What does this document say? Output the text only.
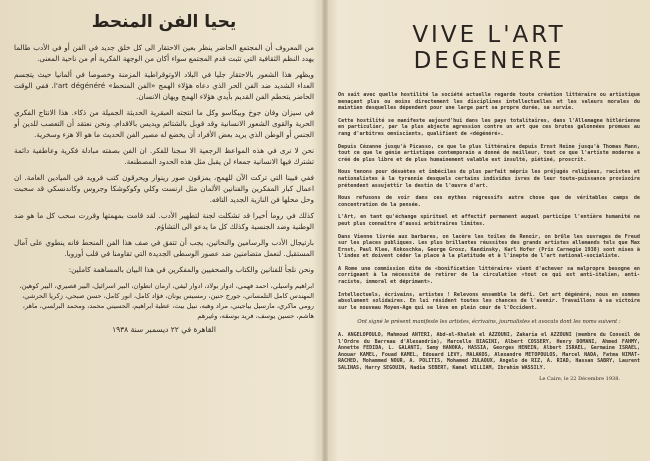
يحيا الفن المنحط

من المعروف أن المجتمع الحاضر ينظر بعين الاحتقار الى كل خلق جديد في الفن أو في الأدب طالما يهدد النظم الثقافية التي تثبت قدم المجتمع سواء أكان من الوجهة الفكرية أم من ناحية المعنى.

ويظهر هذا الشعور بالاحتقار جليا في البلاد الاوتوقراطية المزمنة وخصوصا في ألمانيا حيث يتجسم العداء الشديد ضد الفن الحر الذي دعاه هؤلاء الهمج «الفن المنحط» l'art dégénéré. ففي الوقت الحاضر يتحطم الفن القديم بأيدي هؤلاء الهمج ويهان الانسان.

في سيزان وفان جوخ وبيكاسو وكل ما انتجته العبقرية الحديثة الجميلة من ذكاء. هذا الانتاج الفكري الحرية والقوى الشعور الانسانية وقد قوبل بالشتائم ويديس بالاقدام. ونحن نعتقد أن التعصب للدين أو الجنس أو الوطن الذي يريد بعض الأفراد أن يخضع له مصير الفن الحديث ما هو الا هزء وسخرية.

نحن لا نرى في هذه المواعظ الرجعية الا سجنا للفكر. ان الفن بصفته مبادلة فكرية وعاطفية دائمة تشترك فيها الانسانية جمعاء لن يقبل مثل هذه الحدود المصطنعة.

ففي فيينا التي تركت الآن للهمج، يمزقون صور رينوار ويحرقون كتب فرويد في الميادين العامة. ان اعمال كبار المفكرين والفنانين الألمان مثل ارنست وكلي وكوكوشكا وجروس وكاندنسكي قد سحبت وحل محلها فن النازية الجديد التافه.

كذلك في روما أخيرا قد تشكلت لجنة لتطهير الأدب. لقد قامت بمهمتها وقررت سحب كل ما هو ضد الوطنية وضد الجنسية وكذلك كل ما يدعو الى التشاؤم.

بارتيجال الأدب والرسامين والنحاتين، يجب أن تتفق في صف هذا الفن المنحط فانه ينطوي على آمال المستقبل. لنعمل متضامنين ضد عصور الوسطى الجديدة التي تقاومنا في قلب أوروبا.

ونحن نلجأ للفنانين والكتاب والصحفيين والمفكرين في هذا البيان بالمساهمة كاملين:

ابراهيم واسيلي، احمد فهمي، ادوار بولاد، ادوار ليفي، ارمان انطوان، البير اسرائيل، البير قصيري، البير كوهين، المهندس كامل التلمساني، جورج حنين، رمسيس يونان، فؤاد كامل، انور كامل، حسن صبحي، زكريا الحرشي، رومي ماكري، مارسيل بياجيني، مراد وهبه، نبيل بيت، عطية ابراهيم، الحسيني محمد، ومحمد البرلسي، ماهر، هاشم، حسين يوسف، فريد بوسقه، وغيرهم
القاهرة في ٢٢ ديسمبر سنة ١٩٣٨
VIVE L'ART DEGENERE

On sait avec quelle hostilité la société actuelle regarde toute création littéraire ou artistique menaçant plus ou moins directement les disciplines intellectuelles et les valeurs morales du maintien desquelles dépendent pour une large part sa propre durée, sa survie.

Cette hostilité se manifeste aujourd'hui dans les pays totalitaires, dans l'Allemagne hitlérienne en particulier, par la plus abjecte agression contre un art que ces brutes galonnées promues au rang d'arbitres omniscients, qualifient de «dégénéré».

Depuis Cézanne jusqu'à Picasso, ce que le plus littéraire depuis Ernst Heine jusqu'à Thomas Mann, tout ce que le génie artistique contemporain a donné de meilleur, tout ce que l'artiste moderne a créé de plus libre et de plus humainement valable est insulté, piétiné, proscrit.

Nous tenons pour désuètes et imbéciles du plus parfait mépris les préjugés religieux, racistes et nationalistes à la tyrannie desquels certains individus ivres de leur toute-puissance provisoire prétendent assujettir le destin de l'œuvre d'art.

Nous refusons de voir dans ces mythes régressifs autre chose que de véritables camps de concentration de la pensée.

L'Art, en tant qu'échange spirituel et affectif permanent auquel participe l'entière humanité ne peut plus connaître d'aussi arbitraires limites.

Dans Vienne livrée aux barbares, on lacère les toiles de Renoir, on brûle les ouvrages de Freud sur les places publiques. Les plus brillantes réussites des grands artistes allemands tels que Max Ernst, Paul Klee, Kokoschka, George Grosz, Kandinsky, Karl Hofer (Prix Carnegie 1938) sont mises à l'index et doivent céder la place à la platitude et à l'inepte de l'art national-socialiste.

A Rome une commission dite de «bonification littéraire» vient d'achever sa malpropre besogne en corrigeant à la nécessité de retirer de la circulation «tout ce qui est anti-italien, anti-raciste, immoral et déprimant».

Intellectuels, écrivains, artistes ! Relevons ensemble le défi. Cet art dégénéré, nous en sommes absolument solidaires. En lui résident toutes les chances de l'avenir. Travaillons à sa victoire sur le nouveau Moyen-Age qui se lève en plein cœur de l'Occident.

Ont signé le présent manifeste les artistes, écrivains, journalistes et avocats dont les noms suivent :

A. ANGELOPOULO, Mahmoud ANTERI, Abd-el-Khalek el AZZOUNI, Zakaria el AZZOUNI (membre du Conseil de l'Ordre du Barreau d'Alexandrie), Marcelle BIAGINI, Albert COSSERY, Henry DOMANI, Ahmed FAHMY, Annette FEDIDA, L. GALANTI, Samy HANOKA, HASSIA, Georges HENEIN, Albert ISRAEL, Germaine ISRAEL, Anouar KAMEL, Fouad KAMEL, Edouard LEVY, MALAKOS, Alexandre METOPOULOS, Marcel NADA, Fatma NIMAT-RACHED, Mohammed NOUR, A. POLITIS, Mohamed ZULAOUX, Angelo de RIZ, A. RIAD, Hassan SABRY, Laurent SALINAS, Harry SEGOUIN, Nadia SEBERT, Kamal WILLIAM, Ibrahim WASSILY.

Le Caire, le 22 Décembre 1938.
